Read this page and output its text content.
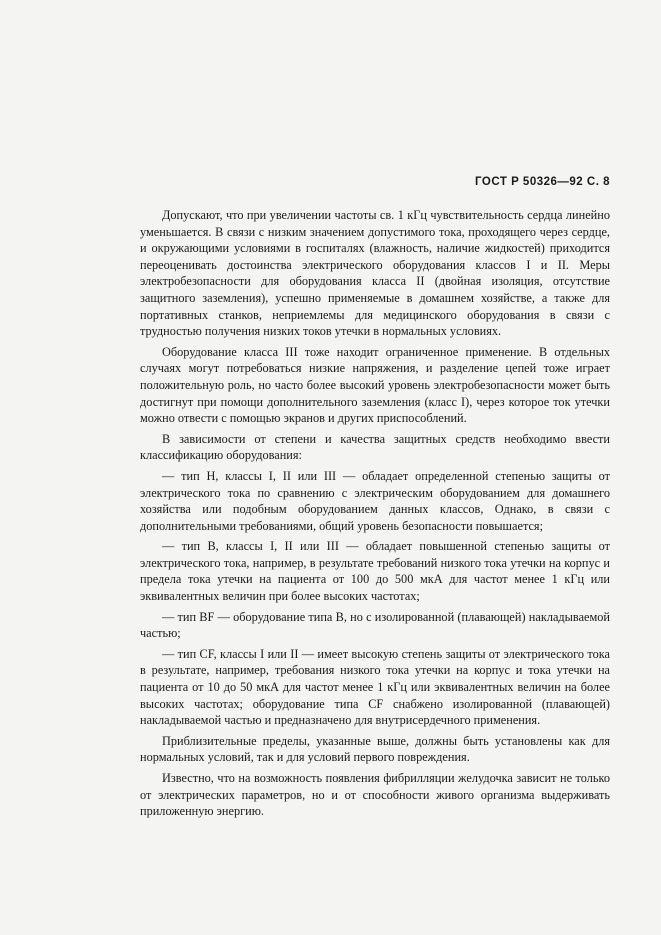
ГОСТ Р 50326—92 С. 8

Допускают, что при увеличении частоты св. 1 кГц чувствительность сердца линейно уменьшается. В связи с низким значением допустимого тока, проходящего через сердце, и окружающими условиями в госпиталях (влажность, наличие жидкостей) приходится переоценивать достоинства электрического оборудования классов I и II. Меры электробезопасности для оборудования класса II (двойная изоляция, отсутствие защитного заземления), успешно применяемые в домашнем хозяйстве, а также для портативных станков, неприемлемы для медицинского оборудования в связи с трудностью получения низких токов утечки в нормальных условиях.

Оборудование класса III тоже находит ограниченное применение. В отдельных случаях могут потребоваться низкие напряжения, и разделение цепей тоже играет положительную роль, но часто более высокий уровень электробезопасности может быть достигнут при помощи дополнительного заземления (класс I), через которое ток утечки можно отвести с помощью экранов и других приспособлений.

В зависимости от степени и качества защитных средств необходимо ввести классификацию оборудования:

— тип Н, классы I, II или III — обладает определенной степенью защиты от электрического тока по сравнению с электрическим оборудованием для домашнего хозяйства или подобным оборудованием данных классов, Однако, в связи с дополнительными требованиями, общий уровень безопасности повышается;

— тип В, классы I, II или III — обладает повышенной степенью защиты от электрического тока, например, в результате требований низкого тока утечки на корпус и предела тока утечки на пациента от 100 до 500 мкА для частот менее 1 кГц или эквивалентных величин при более высоких частотах;

— тип BF — оборудование типа В, но с изолированной (плавающей) накладываемой частью;

— тип CF, классы I или II — имеет высокую степень защиты от электрического тока в результате, например, требования низкого тока утечки на корпус и тока утечки на пациента от 10 до 50 мкА для частот менее 1 кГц или эквивалентных величин на более высоких частотах; оборудование типа CF снабжено изолированной (плавающей) накладываемой частью и предназначено для внутрисердечного применения.

Приблизительные пределы, указанные выше, должны быть установлены как для нормальных условий, так и для условий первого повреждения.

Известно, что на возможность появления фибрилляции желудочка зависит не только от электрических параметров, но и от способности живого организма выдерживать приложенную энергию.
